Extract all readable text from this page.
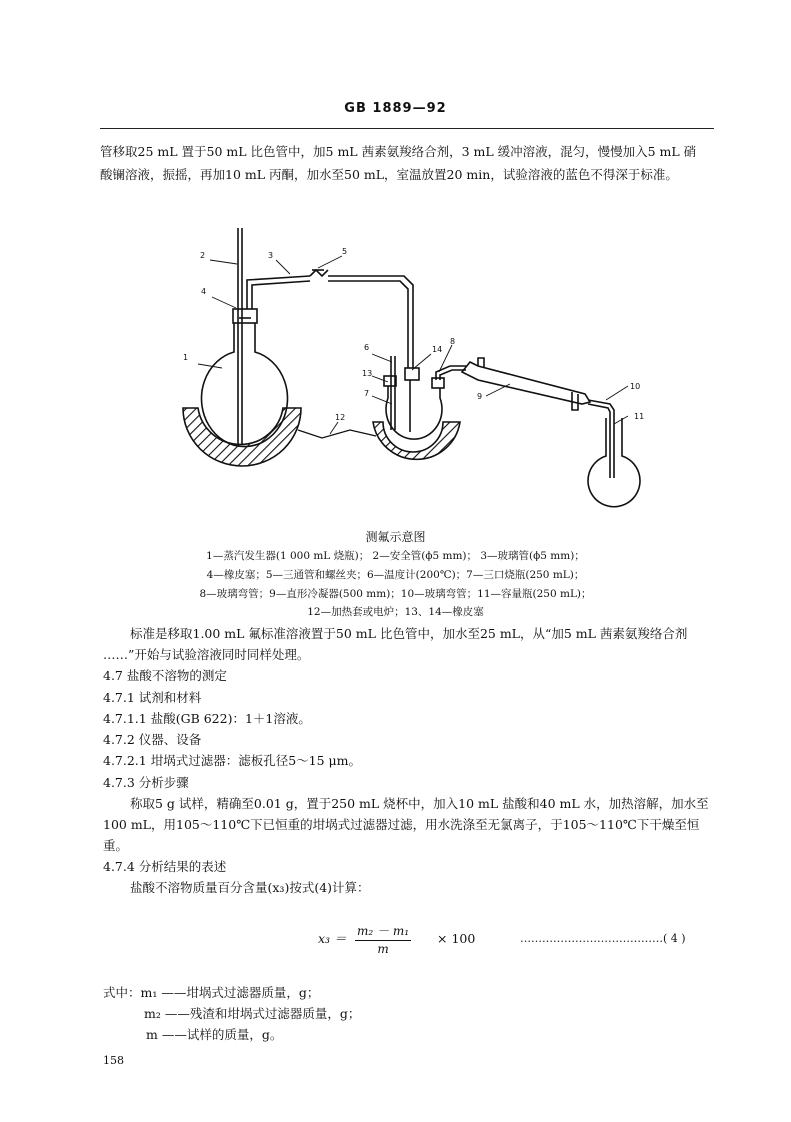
GB 1889—92
管移取25 mL 置于50 mL 比色管中，加5 mL 茜素氨羧络合剂，3 mL 缓冲溶液，混匀，慢慢加入5 mL 硝
酸镧溶液，振摇，再加10 mL 丙酮，加水至50 mL，室温放置20 min，试验溶液的蓝色不得深于标准。
1
2	3
4
5
6
7
8
9
10
11
12
13
14
测氟示意图
1—蒸汽发生器(1 000 mL 烧瓶)； 2—安全管(ϕ5 mm)； 3—玻璃管(ϕ5 mm)；
4—橡皮塞；5—三通管和螺丝夹；6—温度计(200℃)；7—三口烧瓶(250 mL)；
8—玻璃弯管；9—直形冷凝器(500 mm)；10—玻璃弯管；11—容量瓶(250 mL)；
12—加热套或电炉；13、14—橡皮塞
标准是移取1.00 mL 氟标准溶液置于50 mL 比色管中，加水至25 mL，从“加5 mL 茜素氨羧络合剂
……”开始与试验溶液同时同样处理。
4.7 盐酸不溶物的测定
4.7.1 试剂和材料
4.7.1.1 盐酸(GB 622)：1＋1溶液。
4.7.2 仪器、设备
4.7.2.1 坩埚式过滤器：滤板孔径5～15 μm。
4.7.3 分析步骤
称取5 g 试样，精确至0.01 g，置于250 mL 烧杯中，加入10 mL 盐酸和40 mL 水，加热溶解，加水至
100 mL，用105～110℃下已恒重的坩埚式过滤器过滤，用水洗涤至无氯离子，于105～110℃下干燥至恒
重。
4.7.4 分析结果的表述
盐酸不溶物质量百分含量(x₃)按式(4)计算：
$x_3 = \frac{\text{m₂ － m₁}}{m} \times 100$	…………………………………( 4 )
式中：m₁ ——坩埚式过滤器质量，g；
m₂ ——残渣和坩埚式过滤器质量，g；
m ——试样的质量，g。
158
